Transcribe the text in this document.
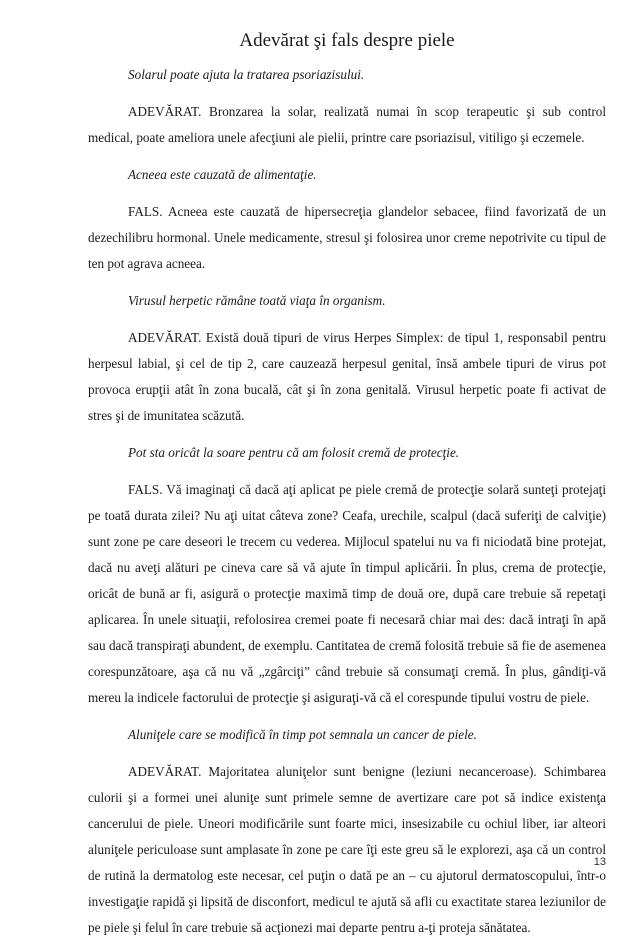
Adevărat şi fals despre piele

Solarul poate ajuta la tratarea psoriazisului.

ADEVĂRAT. Bronzarea la solar, realizată numai în scop terapeutic şi sub control medical, poate ameliora unele afecţiuni ale pielii, printre care psoriazisul, vitiligo şi eczemele.

Acneea este cauzată de alimentaţie.

FALS. Acneea este cauzată de hipersecreţia glandelor sebacee, fiind favorizată de un dezechilibru hormonal. Unele medicamente, stresul şi folosirea unor creme nepotrivite cu tipul de ten pot agrava acneea.

Virusul herpetic rămâne toată viaţa în organism.

ADEVĂRAT. Există două tipuri de virus Herpes Simplex: de tipul 1, responsabil pentru herpesul labial, şi cel de tip 2, care cauzează herpesul genital, însă ambele tipuri de virus pot provoca erupţii atât în zona bucală, cât şi în zona genitală. Virusul herpetic poate fi activat de stres şi de imunitatea scăzută.

Pot sta oricât la soare pentru că am folosit cremă de protecţie.

FALS. Vă imaginaţi că dacă aţi aplicat pe piele cremă de protecţie solară sunteţi protejaţi pe toată durata zilei? Nu aţi uitat câteva zone? Ceafa, urechile, scalpul (dacă suferiţi de calviţie) sunt zone pe care deseori le trecem cu vederea. Mijlocul spatelui nu va fi niciodată bine protejat, dacă nu aveţi alături pe cineva care să vă ajute în timpul aplicării. În plus, crema de protecţie, oricât de bună ar fi, asigură o protecţie maximă timp de două ore, după care trebuie să repetaţi aplicarea. În unele situaţii, refolosirea cremei poate fi necesară chiar mai des: dacă intraţi în apă sau dacă transpiraţi abundent, de exemplu. Cantitatea de cremă folosită trebuie să fie de asemenea corespunzătoare, aşa că nu vă „zgârciţi” când trebuie să consumaţi cremă. În plus, gândiţi-vă mereu la indicele factorului de protecţie şi asiguraţi-vă că el corespunde tipului vostru de piele.

Aluniţele care se modifică în timp pot semnala un cancer de piele.

ADEVĂRAT. Majoritatea aluniţelor sunt benigne (leziuni necanceroase). Schimbarea culorii şi a formei unei aluniţe sunt primele semne de avertizare care pot să indice existenţa cancerului de piele. Uneori modificările sunt foarte mici, insesizabile cu ochiul liber, iar alteori aluniţele periculoase sunt amplasate în zone pe care îţi este greu să le explorezi, aşa că un control de rutină la dermatolog este necesar, cel puţin o dată pe an – cu ajutorul dermatoscopului, într-o investigaţie rapidă şi lipsită de disconfort, medicul te ajută să afli cu exactitate starea leziunilor de pe piele şi felul în care trebuie să acţionezi mai departe pentru a-ţi proteja sănătatea.

13
